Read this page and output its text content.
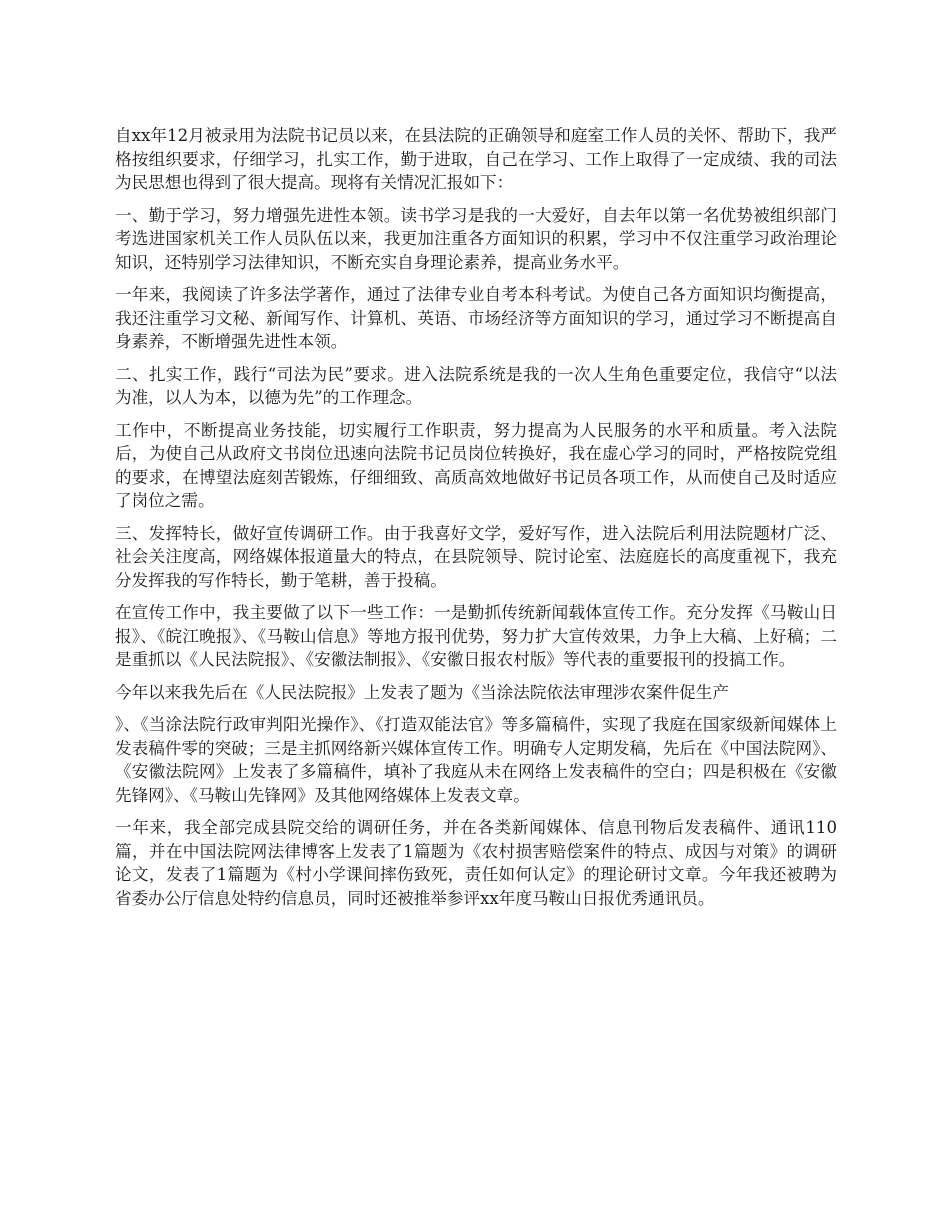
自xx年12月被录用为法院书记员以来，在县法院的正确领导和庭室工作人员的关怀、帮助下，我严格按组织要求，仔细学习，扎实工作，勤于进取，自己在学习、工作上取得了一定成绩、我的司法为民思想也得到了很大提高。现将有关情况汇报如下：

一、勤于学习，努力增强先进性本领。读书学习是我的一大爱好，自去年以第一名优势被组织部门考选进国家机关工作人员队伍以来，我更加注重各方面知识的积累，学习中不仅注重学习政治理论知识，还特别学习法律知识，不断充实自身理论素养，提高业务水平。

一年来，我阅读了许多法学著作，通过了法律专业自考本科考试。为使自己各方面知识均衡提高，我还注重学习文秘、新闻写作、计算机、英语、市场经济等方面知识的学习，通过学习不断提高自身素养，不断增强先进性本领。

二、扎实工作，践行“司法为民”要求。进入法院系统是我的一次人生角色重要定位，我信守“以法为准，以人为本，以德为先”的工作理念。

工作中，不断提高业务技能，切实履行工作职责，努力提高为人民服务的水平和质量。考入法院后，为使自己从政府文书岗位迅速向法院书记员岗位转换好，我在虚心学习的同时，严格按院党组的要求，在博望法庭刻苦锻炼，仔细细致、高质高效地做好书记员各项工作，从而使自己及时适应了岗位之需。

三、发挥特长，做好宣传调研工作。由于我喜好文学，爱好写作，进入法院后利用法院题材广泛、社会关注度高，网络媒体报道量大的特点，在县院领导、院讨论室、法庭庭长的高度重视下，我充分发挥我的写作特长，勤于笔耕，善于投稿。

在宣传工作中，我主要做了以下一些工作：一是勤抓传统新闻载体宣传工作。充分发挥《马鞍山日报》、《皖江晚报》、《马鞍山信息》等地方报刊优势，努力扩大宣传效果，力争上大稿、上好稿；二是重抓以《人民法院报》、《安徽法制报》、《安徽日报农村版》等代表的重要报刊的投搞工作。

今年以来我先后在《人民法院报》上发表了题为《当涂法院依法审理涉农案件促生产

》、《当涂法院行政审判阳光操作》、《打造双能法官》等多篇稿件，实现了我庭在国家级新闻媒体上发表稿件零的突破；三是主抓网络新兴媒体宣传工作。明确专人定期发稿，先后在《中国法院网》、《安徽法院网》上发表了多篇稿件，填补了我庭从未在网络上发表稿件的空白；四是积极在《安徽先锋网》、《马鞍山先锋网》及其他网络媒体上发表文章。

一年来，我全部完成县院交给的调研任务，并在各类新闻媒体、信息刊物后发表稿件、通讯110篇，并在中国法院网法律博客上发表了1篇题为《农村损害赔偿案件的特点、成因与对策》的调研论文，发表了1篇题为《村小学课间摔伤致死，责任如何认定》的理论研讨文章。今年我还被聘为省委办公厅信息处特约信息员，同时还被推举参评xx年度马鞍山日报优秀通讯员。
